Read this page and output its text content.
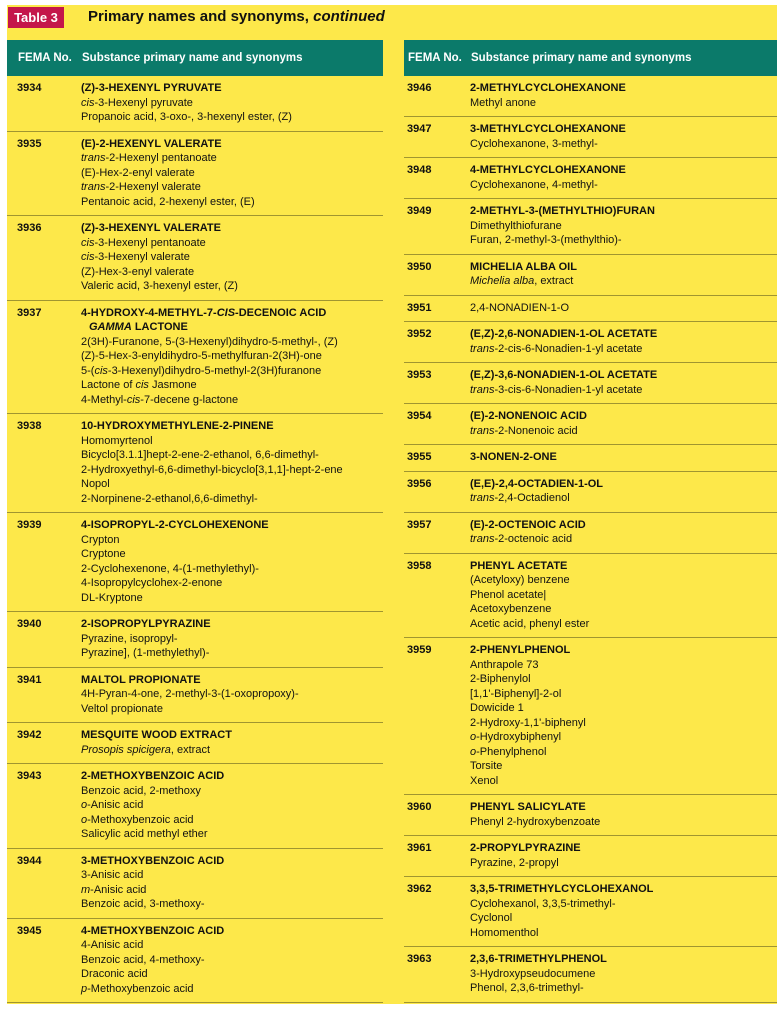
Table 3	Primary names and synonyms, continued
FEMA No. Substance primary name and synonyms
3934	(Z)-3-HEXENYL PYRUVATE
cis-3-Hexenyl pyruvate
Propanoic acid, 3-oxo-, 3-hexenyl ester, (Z)
3935	(E)-2-HEXENYL VALERATE
trans-2-Hexenyl pentanoate
(E)-Hex-2-enyl valerate
trans-2-Hexenyl valerate
Pentanoic acid, 2-hexenyl ester, (E)
3936	(Z)-3-HEXENYL VALERATE
cis-3-Hexenyl pentanoate
cis-3-Hexenyl valerate
(Z)-Hex-3-enyl valerate
Valeric acid, 3-hexenyl ester, (Z)
3937	4-HYDROXY-4-METHYL-7-CIS-DECENOIC ACID
GAMMA LACTONE
2(3H)-Furanone, 5-(3-Hexenyl)dihydro-5-methyl-, (Z)
(Z)-5-Hex-3-enyldihydro-5-methylfuran-2(3H)-one
5-(cis-3-Hexenyl)dihydro-5-methyl-2(3H)furanone
Lactone of cis Jasmone
4-Methyl-cis-7-decene g-lactone
3938	10-HYDROXYMETHYLENE-2-PINENE
Homomyrtenol
Bicyclo[3.1.1]hept-2-ene-2-ethanol, 6,6-dimethyl-
2-Hydroxyethyl-6,6-dimethyl-bicyclo[3,1,1]-hept-2-ene
Nopol
2-Norpinene-2-ethanol,6,6-dimethyl-
3939	4-ISOPROPYL-2-CYCLOHEXENONE
Crypton
Cryptone
2-Cyclohexenone, 4-(1-methylethyl)-
4-Isopropylcyclohex-2-enone
DL-Kryptone
3940	2-ISOPROPYLPYRAZINE
Pyrazine, isopropyl-
Pyrazine], (1-methylethyl)-
3941	MALTOL PROPIONATE
4H-Pyran-4-one, 2-methyl-3-(1-oxopropoxy)-
Veltol propionate
3942	MESQUITE WOOD EXTRACT
Prosopis spicigera, extract
3943	2-METHOXYBENZOIC ACID
Benzoic acid, 2-methoxy
o-Anisic acid
o-Methoxybenzoic acid
Salicylic acid methyl ether
3944	3-METHOXYBENZOIC ACID
3-Anisic acid
m-Anisic acid
Benzoic acid, 3-methoxy-
3945	4-METHOXYBENZOIC ACID
4-Anisic acid
Benzoic acid, 4-methoxy-
Draconic acid
p-Methoxybenzoic acid
FEMA No. Substance primary name and synonyms
3946	2-METHYLCYCLOHEXANONE
Methyl anone
3947	3-METHYLCYCLOHEXANONE
Cyclohexanone, 3-methyl-
3948	4-METHYLCYCLOHEXANONE
Cyclohexanone, 4-methyl-
3949	2-METHYL-3-(METHYLTHIO)FURAN
Dimethylthiofurane
Furan, 2-methyl-3-(methylthio)-
3950	MICHELIA ALBA OIL
Michelia alba, extract
3951	2,4-NONADIEN-1-O
3952	(E,Z)-2,6-NONADIEN-1-OL ACETATE
trans-2-cis-6-Nonadien-1-yl acetate
3953	(E,Z)-3,6-NONADIEN-1-OL ACETATE
trans-3-cis-6-Nonadien-1-yl acetate
3954	(E)-2-NONENOIC ACID
trans-2-Nonenoic acid
3955	3-NONEN-2-ONE
3956	(E,E)-2,4-OCTADIEN-1-OL
trans-2,4-Octadienol
3957	(E)-2-OCTENOIC ACID
trans-2-octenoic acid
3958	PHENYL ACETATE
(Acetyloxy) benzene
Phenol acetate|
Acetoxybenzene
Acetic acid, phenyl ester
3959	2-PHENYLPHENOL
Anthrapole 73
2-Biphenylol
[1,1'-Biphenyl]-2-ol
Dowicide 1
2-Hydroxy-1,1'-biphenyl
o-Hydroxybiphenyl
o-Phenylphenol
Torsite
Xenol
3960	PHENYL SALICYLATE
Phenyl 2-hydroxybenzoate
3961	2-PROPYLPYRAZINE
Pyrazine, 2-propyl
3962	3,3,5-TRIMETHYLCYCLOHEXANOL
Cyclohexanol, 3,3,5-trimethyl-
Cyclonol
Homomenthol
3963	2,3,6-TRIMETHYLPHENOL
3-Hydroxypseudocumene
Phenol, 2,3,6-trimethyl-
